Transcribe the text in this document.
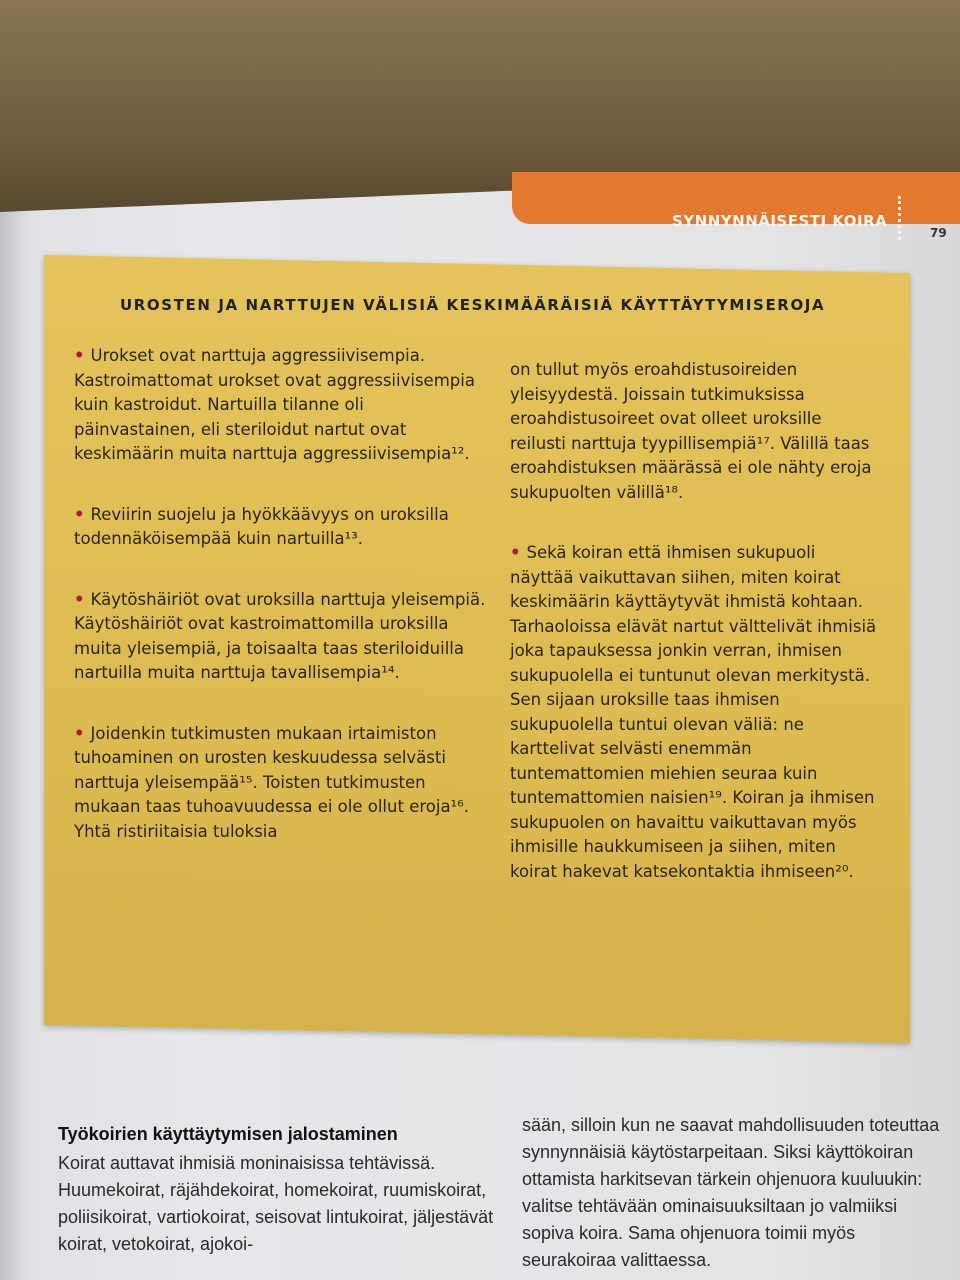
SYNNYNNÄISESTI KOIRA
79
UROSTEN JA NARTTUJEN VÄLISIÄ KESKIMÄÄRÄISIÄ KÄYTTÄYTYMISEROJA
• Urokset ovat narttuja aggressiivisempia. Kastroimattomat urokset ovat aggressiivisempia kuin kastroidut. Nartuilla tilanne oli päinvastainen, eli steriloidut nartut ovat keskimäärin muita narttuja aggressiivisempia¹².
• Reviirin suojelu ja hyökkäävyys on uroksilla todennäköisempää kuin nartuilla¹³.
• Käytöshäiriöt ovat uroksilla narttuja yleisempiä. Käytöshäiriöt ovat kastroimattomilla uroksilla muita yleisempiä, ja toisaalta taas steriloiduilla nartuilla muita narttuja tavallisempia¹⁴.
• Joidenkin tutkimusten mukaan irtaimiston tuhoaminen on urosten keskuudessa selvästi narttuja yleisempää¹⁵. Toisten tutkimusten mukaan taas tuhoavuudessa ei ole ollut eroja¹⁶. Yhtä ristiriitaisia tuloksia
on tullut myös eroahdistusoireiden yleisyydestä. Joissain tutkimuksissa eroahdistusoireet ovat olleet uroksille reilusti narttuja tyypillisempiä¹⁷. Välillä taas eroahdistuksen määrässä ei ole nähty eroja sukupuolten välillä¹⁸.
• Sekä koiran että ihmisen sukupuoli näyttää vaikuttavan siihen, miten koirat keskimäärin käyttäytyvät ihmistä kohtaan. Tarhaoloissa elävät nartut välttelivät ihmisiä joka tapauksessa jonkin verran, ihmisen sukupuolella ei tuntunut olevan merkitystä. Sen sijaan uroksille taas ihmisen sukupuolella tuntui olevan väliä: ne karttelivat selvästi enemmän tuntemattomien miehien seuraa kuin tuntemattomien naisien¹⁹. Koiran ja ihmisen sukupuolen on havaittu vaikuttavan myös ihmisille haukkumiseen ja siihen, miten koirat hakevat katsekontaktia ihmiseen²⁰.
Työkoirien käyttäytymisen jalostaminen

Koirat auttavat ihmisiä moninaisissa tehtävissä. Huumekoirat, räjähdekoirat, homekoirat, ruumiskoirat, poliisikoirat, vartiokoirat, seisovat lintukoirat, jäljestävät koirat, vetokoirat, ajokoi-

sään, silloin kun ne saavat mahdollisuuden toteuttaa synnynnäisiä käytöstarpeitaan. Siksi käyttökoiran ottamista harkitsevan tärkein ohjenuora kuuluukin: valitse tehtävään ominaisuuksiltaan jo valmiiksi sopiva koira. Sama ohjenuora toimii myös seurakoiraa valittaessa.
